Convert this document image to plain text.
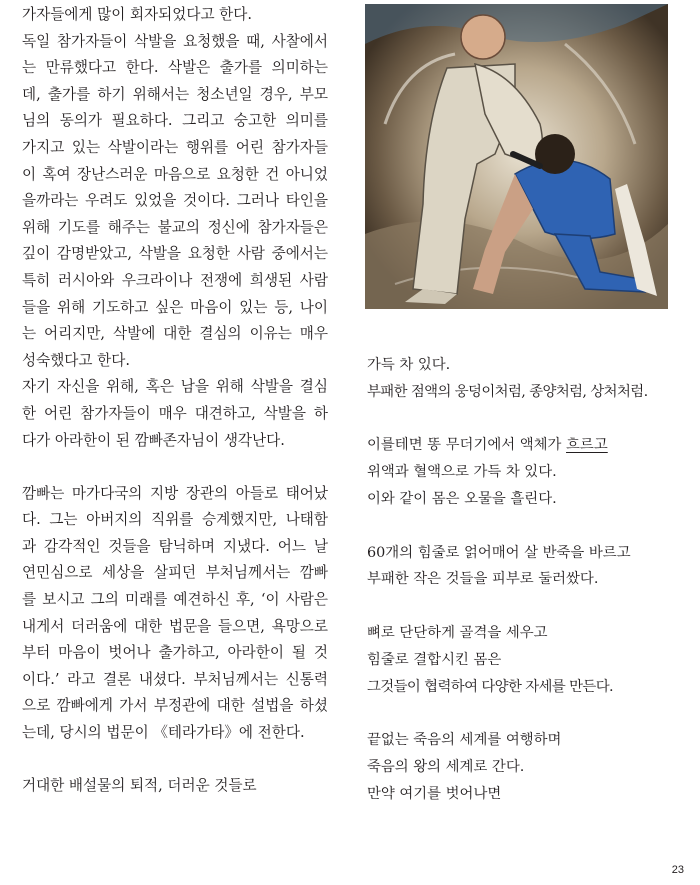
가자들에게 많이 회자되었다고 한다.

독일 참가자들이 삭발을 요청했을 때, 사찰에서

는 만류했다고 한다. 삭발은 출가를 의미하는

데, 출가를 하기 위해서는 청소년일 경우, 부모

님의 동의가 필요하다. 그리고 숭고한 의미를

가지고 있는 삭발이라는 행위를 어린 참가자들

이 혹여 장난스러운 마음으로 요청한 건 아니었

을까라는 우려도 있었을 것이다. 그러나 타인을

위해 기도를 해주는 불교의 정신에 참가자들은

깊이 감명받았고, 삭발을 요청한 사람 중에서는

특히 러시아와 우크라이나 전쟁에 희생된 사람

들을 위해 기도하고 싶은 마음이 있는 등, 나이

는 어리지만, 삭발에 대한 결심의 이유는 매우

성숙했다고 한다.

자기 자신을 위해, 혹은 남을 위해 삭발을 결심

한 어린 참가자들이 매우 대견하고, 삭발을 하

다가 아라한이 된 깜빠존자님이 생각난다.

깜빠는 마가다국의 지방 장관의 아들로 태어났

다. 그는 아버지의 직위를 승계했지만, 나태함

과 감각적인 것들을 탐닉하며 지냈다. 어느 날

연민심으로 세상을 살피던 부처님께서는 깜빠

를 보시고 그의 미래를 예견하신 후, ‘이 사람은

내게서 더러움에 대한 법문을 들으면, 욕망으로

부터 마음이 벗어나 출가하고, 아라한이 될 것

이다.’ 라고 결론 내셨다. 부처님께서는 신통력

으로 깜빠에게 가서 부정관에 대한 설법을 하셨

는데, 당시의 법문이 《테라가타》에 전한다.

거대한 배설물의 퇴적, 더러운 것들로

가득 차 있다.

부패한 점액의 웅덩이처럼, 종양처럼, 상처처럼.

이를테면 똥 무더기에서 액체가 흐르고

위액과 혈액으로 가득 차 있다.

이와 같이 몸은 오물을 흘린다.

60개의 힘줄로 얽어매어 살 반죽을 바르고

부패한 작은 것들을 피부로 둘러쌌다.

뼈로 단단하게 골격을 세우고

힘줄로 결합시킨 몸은

그것들이 협력하여 다양한 자세를 만든다.

끝없는 죽음의 세계를 여행하며

죽음의 왕의 세계로 간다.

만약 여기를 벗어나면

23
